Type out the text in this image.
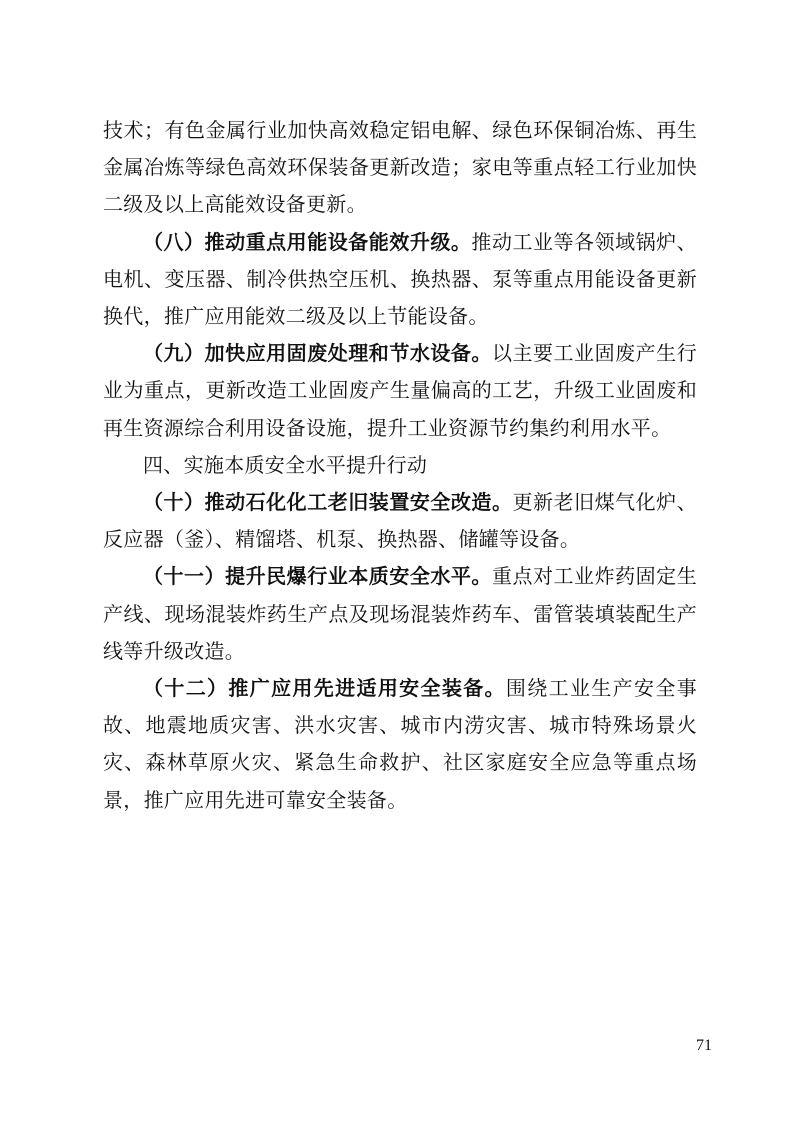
技术；有色金属行业加快高效稳定铝电解、绿色环保铜冶炼、再生金属冶炼等绿色高效环保装备更新改造；家电等重点轻工行业加快二级及以上高能效设备更新。

（八）推动重点用能设备能效升级。推动工业等各领域锅炉、电机、变压器、制冷供热空压机、换热器、泵等重点用能设备更新换代，推广应用能效二级及以上节能设备。

（九）加快应用固废处理和节水设备。以主要工业固废产生行业为重点，更新改造工业固废产生量偏高的工艺，升级工业固废和再生资源综合利用设备设施，提升工业资源节约集约利用水平。

四、实施本质安全水平提升行动

（十）推动石化化工老旧装置安全改造。更新老旧煤气化炉、反应器（釜）、精馏塔、机泵、换热器、储罐等设备。

（十一）提升民爆行业本质安全水平。重点对工业炸药固定生产线、现场混装炸药生产点及现场混装炸药车、雷管装填装配生产线等升级改造。

（十二）推广应用先进适用安全装备。围绕工业生产安全事故、地震地质灾害、洪水灾害、城市内涝灾害、城市特殊场景火灾、森林草原火灾、紧急生命救护、社区家庭安全应急等重点场景，推广应用先进可靠安全装备。

71
